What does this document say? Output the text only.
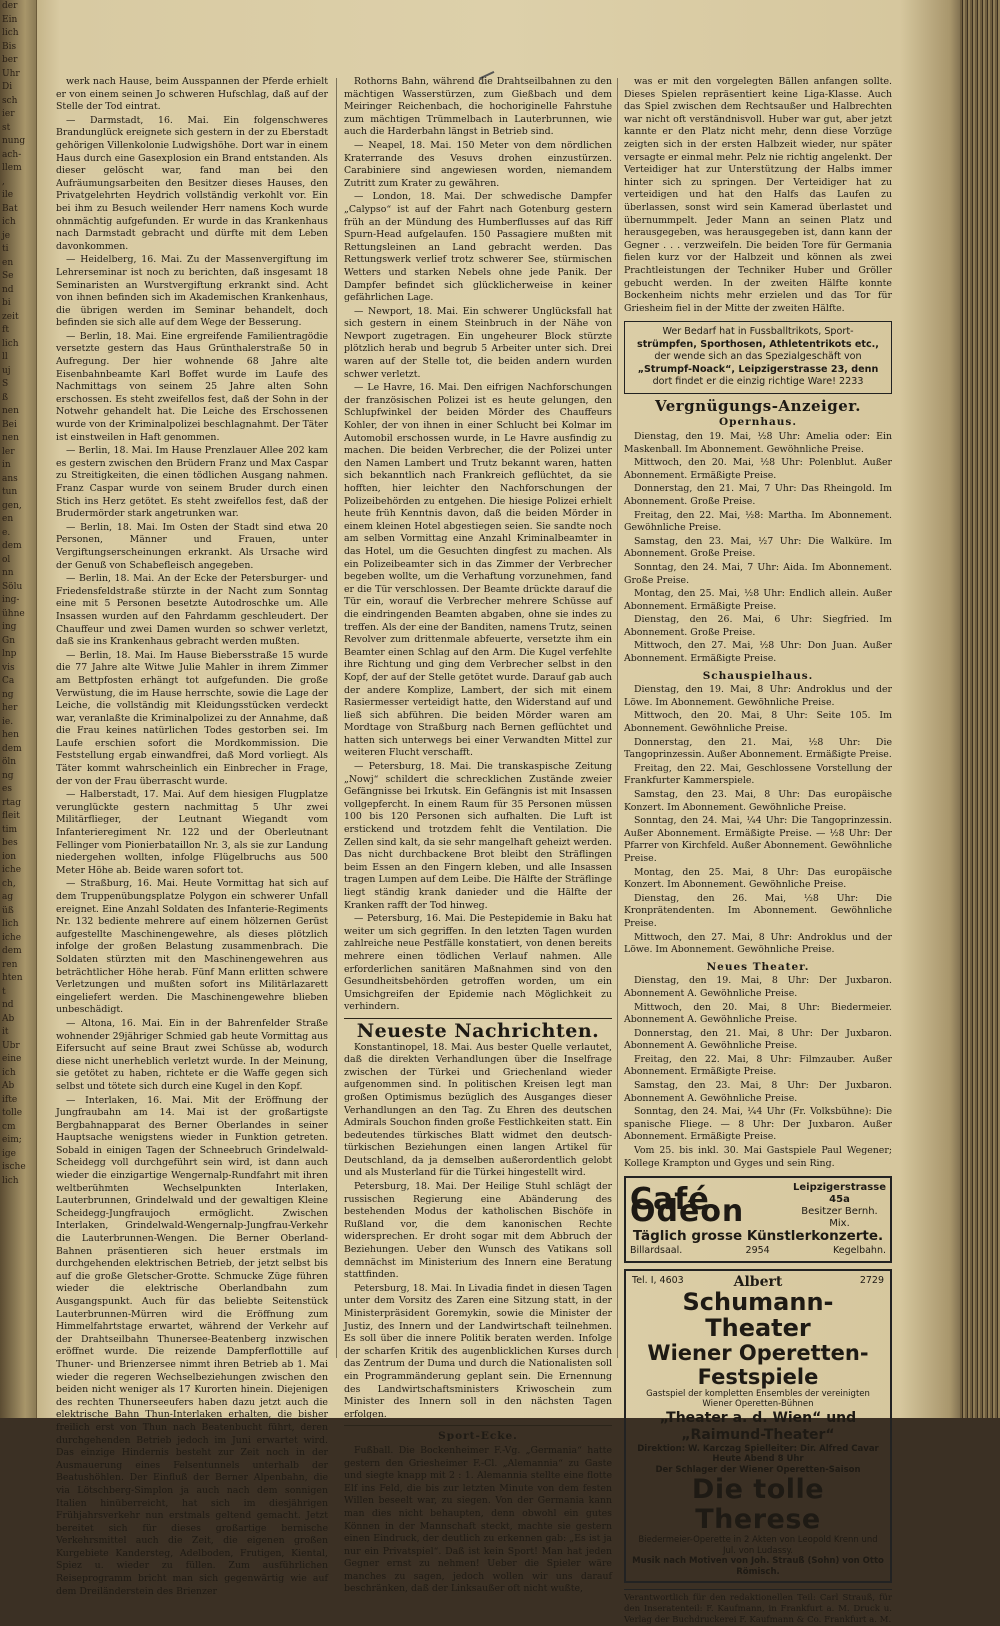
der
Ein
lich
Bis
ber
Uhr
Di
sch
ier
st
nung
ach-
llem
,
ile
Bat
ich
je
ti
en
Se
nd
bi
zeit
ft
lich
ll
uj
S
ß
nen
Bei
nen
ler
in
ans
tun
gen,
en
e.
dem
ol
nn
Sölu
ing-
ühne
ing
Gn
lnp
vis
Ca
ng
her
ie.
hen
dem
öln
ng
es
rtag
fleit
tim
bes
ion
iche
ch,
ag
üß
lich
iche
dem
ren
hten
t
nd
Ab
it
Ubr
eine
ich
Ab
ifte
tolle
cm
eim;
ige
ische
lich

werk nach Hause, beim Ausspannen der Pferde erhielt er von einem seinen Jo schweren Hufschlag, daß auf der Stelle der Tod eintrat.

— Darmstadt, 16. Mai. Ein folgenschweres Brandunglück ereignete sich gestern in der zu Eberstadt gehörigen Villenkolonie Ludwigshöhe. Dort war in einem Haus durch eine Gasexplosion ein Brand entstanden. Als dieser gelöscht war, fand man bei den Aufräumungsarbeiten den Besitzer dieses Hauses, den Privatgelehrten Heydrich vollständig verkohlt vor. Ein bei ihm zu Besuch weilender Herr namens Koch wurde ohnmächtig aufgefunden. Er wurde in das Krankenhaus nach Darmstadt gebracht und dürfte mit dem Leben davonkommen.

— Heidelberg, 16. Mai. Zu der Massenvergiftung im Lehrerseminar ist noch zu berichten, daß insgesamt 18 Seminaristen an Wurstvergiftung erkrankt sind. Acht von ihnen befinden sich im Akademischen Krankenhaus, die übrigen werden im Seminar behandelt, doch befinden sie sich alle auf dem Wege der Besserung.

— Berlin, 18. Mai. Eine ergreifende Familientragödie versetzte gestern das Haus Grünthalerstraße 50 in Aufregung. Der hier wohnende 68 Jahre alte Eisenbahnbeamte Karl Boffet wurde im Laufe des Nachmittags von seinem 25 Jahre alten Sohn erschossen. Es steht zweifellos fest, daß der Sohn in der Notwehr gehandelt hat. Die Leiche des Erschossenen wurde von der Kriminalpolizei beschlagnahmt. Der Täter ist einstweilen in Haft genommen.

— Berlin, 18. Mai. Im Hause Prenzlauer Allee 202 kam es gestern zwischen den Brüdern Franz und Max Caspar zu Streitigkeiten, die einen tödlichen Ausgang nahmen. Franz Caspar wurde von seinem Bruder durch einen Stich ins Herz getötet. Es steht zweifellos fest, daß der Brudermörder stark angetrunken war.

— Berlin, 18. Mai. Im Osten der Stadt sind etwa 20 Personen, Männer und Frauen, unter Vergiftungserscheinungen erkrankt. Als Ursache wird der Genuß von Schabefleisch angegeben.

— Berlin, 18. Mai. An der Ecke der Petersburger- und Friedensfeldstraße stürzte in der Nacht zum Sonntag eine mit 5 Personen besetzte Autodroschke um. Alle Insassen wurden auf den Fahrdamm geschleudert. Der Chauffeur und zwei Damen wurden so schwer verletzt, daß sie ins Krankenhaus gebracht werden mußten.

— Berlin, 18. Mai. Im Hause Biebersstraße 15 wurde die 77 Jahre alte Witwe Julie Mahler in ihrem Zimmer am Bettpfosten erhängt tot aufgefunden. Die große Verwüstung, die im Hause herrschte, sowie die Lage der Leiche, die vollständig mit Kleidungsstücken verdeckt war, veranlaßte die Kriminalpolizei zu der Annahme, daß die Frau keines natürlichen Todes gestorben sei. Im Laufe erschien sofort die Mordkommission. Die Feststellung ergab einwandfrei, daß Mord vorliegt. Als Täter kommt wahrscheinlich ein Einbrecher in Frage, der von der Frau überrascht wurde.

— Halberstadt, 17. Mai. Auf dem hiesigen Flugplatze verunglückte gestern nachmittag 5 Uhr zwei Militärflieger, der Leutnant Wiegandt vom Infanterieregiment Nr. 122 und der Oberleutnant Fellinger vom Pionierbataillon Nr. 3, als sie zur Landung niedergehen wollten, infolge Flügelbruchs aus 500 Meter Höhe ab. Beide waren sofort tot.

— Straßburg, 16. Mai. Heute Vormittag hat sich auf dem Truppenübungsplatze Polygon ein schwerer Unfall ereignet. Eine Anzahl Soldaten des Infanterie-Regiments Nr. 132 bediente mehrere auf einem hölzernen Gerüst aufgestellte Maschinengewehre, als dieses plötzlich infolge der großen Belastung zusammenbrach. Die Soldaten stürzten mit den Maschinengewehren aus beträchtlicher Höhe herab. Fünf Mann erlitten schwere Verletzungen und mußten sofort ins Militärlazarett eingeliefert werden. Die Maschinengewehre blieben unbeschädigt.

— Altona, 16. Mai. Ein in der Bahrenfelder Straße wohnender 29jähriger Schmied gab heute Vormittag aus Eifersucht auf seine Braut zwei Schüsse ab, wodurch diese nicht unerheblich verletzt wurde. In der Meinung, sie getötet zu haben, richtete er die Waffe gegen sich selbst und tötete sich durch eine Kugel in den Kopf.

— Interlaken, 16. Mai. Mit der Eröffnung der Jungfraubahn am 14. Mai ist der großartigste Bergbahnapparat des Berner Oberlandes in seiner Hauptsache wenigstens wieder in Funktion getreten. Sobald in einigen Tagen der Schneebruch Grindelwald-Scheidegg voll durchgeführt sein wird, ist dann auch wieder die einzigartige Wengernalp-Rundfahrt mit ihren weltberühmten Wechselpunkten Interlaken, Lauterbrunnen, Grindelwald und der gewaltigen Kleine Scheidegg-Jungfraujoch ermöglicht. Zwischen Interlaken, Grindelwald-Wengernalp-Jungfrau-Verkehr die Lauterbrunnen-Wengen. Die Berner Oberland-Bahnen präsentieren sich heuer erstmals im durchgehenden elektrischen Betrieb, der jetzt selbst bis auf die große Gletscher-Grotte. Schmucke Züge führen wieder die elektrische Oberlandbahn zum Ausgangspunkt. Auch für das beliebte Seitenstück Lauterbrunnen-Mürren wird die Eröffnung zum Himmelfahrtstage erwartet, während der Verkehr auf der Drahtseilbahn Thunersee-Beatenberg inzwischen eröffnet wurde. Die reizende Dampferflottille auf Thuner- und Brienzersee nimmt ihren Betrieb ab 1. Mai wieder die regeren Wechselbeziehungen zwischen den beiden nicht weniger als 17 Kurorten hinein. Diejenigen des rechten Thunerseeufers haben dazu jetzt auch die elektrische Bahn Thun-Interlaken erhalten, die bisher freilich erst von Thun nach Beatenbucht führt, deren durchgehenden Betrieb jedoch im Juni erwartet wird. Das einzige Hindernis besteht zur Zeit noch in der Ausmauerung eines Felsentunnels unterhalb der Beatushöhlen. Der Einfluß der Berner Alpenbahn, die via Lötschberg-Simplon ja auch nach dem sonnigen Italien hinüberreicht, hat sich im diesjährigen Frühjahrsverkehr nun erstmals geltend gemacht. Jetzt bereitet sich für dieses großartige bernische Verkehrsmittel auch die Zeit, die eigenen großen Kurgebiete Kandersteg, Adelboden, Frutigen, Kiental, Spiez u. wieder zu füllen. Zum ausführlichen Reiseprogramm bricht man sich gegenwärtig wie auf dem Dreiländerstein des Brienzer

Rothorns Bahn, während die Drahtseilbahnen zu den mächtigen Wasserstürzen, zum Gießbach und dem Meiringer Reichenbach, die hochoriginelle Fahrstuhe zum mächtigen Trümmelbach in Lauterbrunnen, wie auch die Harderbahn längst in Betrieb sind.

— Neapel, 18. Mai. 150 Meter von dem nördlichen Kraterrande des Vesuvs drohen einzustürzen. Carabiniere sind angewiesen worden, niemandem Zutritt zum Krater zu gewähren.

— London, 18. Mai. Der schwedische Dampfer „Calypso“ ist auf der Fahrt nach Gotenburg gestern früh an der Mündung des Humberflusses auf das Riff Spurn-Head aufgelaufen. 150 Passagiere mußten mit Rettungsleinen an Land gebracht werden. Das Rettungswerk verlief trotz schwerer See, stürmischen Wetters und starken Nebels ohne jede Panik. Der Dampfer befindet sich glücklicherweise in keiner gefährlichen Lage.

— Newport, 18. Mai. Ein schwerer Unglücksfall hat sich gestern in einem Steinbruch in der Nähe von Newport zugetragen. Ein ungeheurer Block stürzte plötzlich herab und begrub 5 Arbeiter unter sich. Drei waren auf der Stelle tot, die beiden andern wurden schwer verletzt.

— Le Havre, 16. Mai. Den eifrigen Nachforschungen der französischen Polizei ist es heute gelungen, den Schlupfwinkel der beiden Mörder des Chauffeurs Kohler, der von ihnen in einer Schlucht bei Kolmar im Automobil erschossen wurde, in Le Havre ausfindig zu machen. Die beiden Verbrecher, die der Polizei unter den Namen Lambert und Trutz bekannt waren, hatten sich bekanntlich nach Frankreich geflüchtet, da sie hofften, hier leichter den Nachforschungen der Polizeibehörden zu entgehen. Die hiesige Polizei erhielt heute früh Kenntnis davon, daß die beiden Mörder in einem kleinen Hotel abgestiegen seien. Sie sandte noch am selben Vormittag eine Anzahl Kriminalbeamter in das Hotel, um die Gesuchten dingfest zu machen. Als ein Polizeibeamter sich in das Zimmer der Verbrecher begeben wollte, um die Verhaftung vorzunehmen, fand er die Tür verschlossen. Der Beamte drückte darauf die Tür ein, worauf die Verbrecher mehrere Schüsse auf die eindringenden Beamten abgaben, ohne sie indes zu treffen. Als der eine der Banditen, namens Trutz, seinen Revolver zum drittenmale abfeuerte, versetzte ihm ein Beamter einen Schlag auf den Arm. Die Kugel verfehlte ihre Richtung und ging dem Verbrecher selbst in den Kopf, der auf der Stelle getötet wurde. Darauf gab auch der andere Komplize, Lambert, der sich mit einem Rasiermesser verteidigt hatte, den Widerstand auf und ließ sich abführen. Die beiden Mörder waren am Mordtage von Straßburg nach Bernen geflüchtet und hatten sich unterwegs bei einer Verwandten Mittel zur weiteren Flucht verschafft.

— Petersburg, 18. Mai. Die transkaspische Zeitung „Nowj“ schildert die schrecklichen Zustände zweier Gefängnisse bei Irkutsk. Ein Gefängnis ist mit Insassen vollgepfercht. In einem Raum für 35 Personen müssen 100 bis 120 Personen sich aufhalten. Die Luft ist erstickend und trotzdem fehlt die Ventilation. Die Zellen sind kalt, da sie sehr mangelhaft geheizt werden. Das nicht durchbackene Brot bleibt den Sträflingen beim Essen an den Fingern kleben, und alle Insassen tragen Lumpen auf dem Leibe. Die Hälfte der Sträflinge liegt ständig krank danieder und die Hälfte der Kranken rafft der Tod hinweg.

— Petersburg, 16. Mai. Die Pestepidemie in Baku hat weiter um sich gegriffen. In den letzten Tagen wurden zahlreiche neue Pestfälle konstatiert, von denen bereits mehrere einen tödlichen Verlauf nahmen. Alle erforderlichen sanitären Maßnahmen sind von den Gesundheitsbehörden getroffen worden, um ein Umsichgreifen der Epidemie nach Möglichkeit zu verhindern.

Neueste Nachrichten.

Konstantinopel, 18. Mai. Aus bester Quelle verlautet, daß die direkten Verhandlungen über die Inselfrage zwischen der Türkei und Griechenland wieder aufgenommen sind. In politischen Kreisen legt man großen Optimismus bezüglich des Ausganges dieser Verhandlungen an den Tag. Zu Ehren des deutschen Admirals Souchon finden große Festlichkeiten statt. Ein bedeutendes türkisches Blatt widmet den deutsch-türkischen Beziehungen einen langen Artikel für Deutschland, da ja demselben außerordentlich gelobt und als Musterland für die Türkei hingestellt wird.

Petersburg, 18. Mai. Der Heilige Stuhl schlägt der russischen Regierung eine Abänderung des bestehenden Modus der katholischen Bischöfe in Rußland vor, die dem kanonischen Rechte widersprechen. Er droht sogar mit dem Abbruch der Beziehungen. Ueber den Wunsch des Vatikans soll demnächst im Ministerium des Innern eine Beratung stattfinden.

Petersburg, 18. Mai. In Livadia findet in diesen Tagen unter dem Vorsitz des Zaren eine Sitzung statt, in der Ministerpräsident Goremykin, sowie die Minister der Justiz, des Innern und der Landwirtschaft teilnehmen. Es soll über die innere Politik beraten werden. Infolge der scharfen Kritik des augenblicklichen Kurses durch das Zentrum der Duma und durch die Nationalisten soll ein Programmänderung geplant sein. Die Ernennung des Landwirtschaftsministers Kriwoschein zum Minister des Innern soll in den nächsten Tagen erfolgen.

Sport-Ecke.

Fußball. Die Bockenheimer F.-Vg. „Germania“ hatte gestern den Griesheimer F.-Cl. „Alemannia“ zu Gaste und siegte knapp mit 2 : 1. Alemannia stellte eine flotte Elf ins Feld, die bis zur letzten Minute von dem festen Willen beseelt war, zu siegen. Von der Germania kann man dies nicht behaupten, denn obwohl ein gutes Können in der Mannschaft steckt, machte sie gestern einen Eindruck, der deutlich zu erkennen gab: „Es ist ja nur ein Privatspiel“. Daß ist kein Sport! Man hat jeden Gegner ernst zu nehmen! Ueber die Spieler wäre manches zu sagen, jedoch wollen wir uns darauf beschränken, daß der Linksaußer oft nicht wußte,

was er mit den vorgelegten Bällen anfangen sollte. Dieses Spielen repräsentiert keine Liga-Klasse. Auch das Spiel zwischen dem Rechtsaußer und Halbrechten war nicht oft verständnisvoll. Huber war gut, aber jetzt kannte er den Platz nicht mehr, denn diese Vorzüge zeigten sich in der ersten Halbzeit wieder, nur später versagte er einmal mehr. Pelz nie richtig angelenkt. Der Verteidiger hat zur Unterstützung der Halbs immer hinter sich zu springen. Der Verteidiger hat zu verteidigen und hat den Halfs das Laufen zu überlassen, sonst wird sein Kamerad überlastet und übernummpelt. Jeder Mann an seinen Platz und herausgegeben, was herausgegeben ist, dann kann der Gegner . . . verzweifeln. Die beiden Tore für Germania fielen kurz vor der Halbzeit und können als zwei Prachtleistungen der Techniker Huber und Gröller gebucht werden. In der zweiten Hälfte konnte Bockenheim nichts mehr erzielen und das Tor für Griesheim fiel in der Mitte der zweiten Hälfte.

Wer Bedarf hat in Fussballtrikots, Sport-
strümpfen, Sporthosen, Athletentrikots etc.,
der wende sich an das Spezialgeschäft von
„Strumpf-Noack“, Leipzigerstrasse 23, denn
dort findet er die einzig richtige Ware! 2233
Vergnügungs-Anzeiger.
Opernhaus.

Dienstag, den 19. Mai, ½8 Uhr: Amelia oder: Ein Maskenball. Im Abonnement. Gewöhnliche Preise.

Mittwoch, den 20. Mai, ½8 Uhr: Polenblut. Außer Abonnement. Ermäßigte Preise.

Donnerstag, den 21. Mai, 7 Uhr: Das Rheingold. Im Abonnement. Große Preise.

Freitag, den 22. Mai, ½8: Martha. Im Abonnement. Gewöhnliche Preise.

Samstag, den 23. Mai, ½7 Uhr: Die Walküre. Im Abonnement. Große Preise.

Sonntag, den 24. Mai, 7 Uhr: Aida. Im Abonnement. Große Preise.

Montag, den 25. Mai, ½8 Uhr: Endlich allein. Außer Abonnement. Ermäßigte Preise.

Dienstag, den 26. Mai, 6 Uhr: Siegfried. Im Abonnement. Große Preise.

Mittwoch, den 27. Mai, ½8 Uhr: Don Juan. Außer Abonnement. Ermäßigte Preise.

Schauspielhaus.

Dienstag, den 19. Mai, 8 Uhr: Androklus und der Löwe. Im Abonnement. Gewöhnliche Preise.

Mittwoch, den 20. Mai, 8 Uhr: Seite 105. Im Abonnement. Gewöhnliche Preise.

Donnerstag, den 21. Mai, ½8 Uhr: Die Tangoprinzessin. Außer Abonnement. Ermäßigte Preise.

Freitag, den 22. Mai, Geschlossene Vorstellung der Frankfurter Kammerspiele.

Samstag, den 23. Mai, 8 Uhr: Das europäische Konzert. Im Abonnement. Gewöhnliche Preise.

Sonntag, den 24. Mai, ¼4 Uhr: Die Tangoprinzessin. Außer Abonnement. Ermäßigte Preise. — ½8 Uhr: Der Pfarrer von Kirchfeld. Außer Abonnement. Gewöhnliche Preise.

Montag, den 25. Mai, 8 Uhr: Das europäische Konzert. Im Abonnement. Gewöhnliche Preise.

Dienstag, den 26. Mai, ½8 Uhr: Die Kronprätendenten. Im Abonnement. Gewöhnliche Preise.

Mittwoch, den 27. Mai, 8 Uhr: Androklus und der Löwe. Im Abonnement. Gewöhnliche Preise.

Neues Theater.

Dienstag, den 19. Mai, 8 Uhr: Der Juxbaron. Abonnement A. Gewöhnliche Preise.

Mittwoch, den 20. Mai, 8 Uhr: Biedermeier. Abonnement A. Gewöhnliche Preise.

Donnerstag, den 21. Mai, 8 Uhr: Der Juxbaron. Abonnement A. Gewöhnliche Preise.

Freitag, den 22. Mai, 8 Uhr: Filmzauber. Außer Abonnement. Ermäßigte Preise.

Samstag, den 23. Mai, 8 Uhr: Der Juxbaron. Abonnement A. Gewöhnliche Preise.

Sonntag, den 24. Mai, ¼4 Uhr (Fr. Volksbühne): Die spanische Fliege. — 8 Uhr: Der Juxbaron. Außer Abonnement. Ermäßigte Preise.

Vom 25. bis inkl. 30. Mai Gastspiele Paul Wegener; Kollege Krampton und Gyges und sein Ring.

Café Odéon
Leipzigerstrasse 45a
Besitzer Bernh. Mix.
Täglich grosse Künstlerkonzerte.
Billardsaal.	2954	Kegelbahn.
Tel. I, 4603	2729
Albert
Schumann-Theater
Wiener Operetten-Festspiele
Gastspiel der kompletten Ensembles der vereinigten Wiener Operetten-Bühnen
„Theater a. d. Wien“ und
„Raimund-Theater“
Direktion: W. Karczag Spielleiter: Dir. Alfred Cavar
Heute Abend 8 Uhr
Der Schlager der Wiener Operetten-Saison
Die tolle Therese
Biedermeier-Operette in 2 Akten von Leopold Krenn und Jul. von Ludassy.
Musik nach Motiven von Joh. Strauß (Sohn) von Otto Römisch.
Verantwortlich für den redaktionellen Teil: Carl Strauß, für den Inseratenteil: F. Kaufmann, in Frankfurt a. M. Druck u. Verlag der Buchdruckerei F. Kaufmann & Co. Frankfurt a. M.
